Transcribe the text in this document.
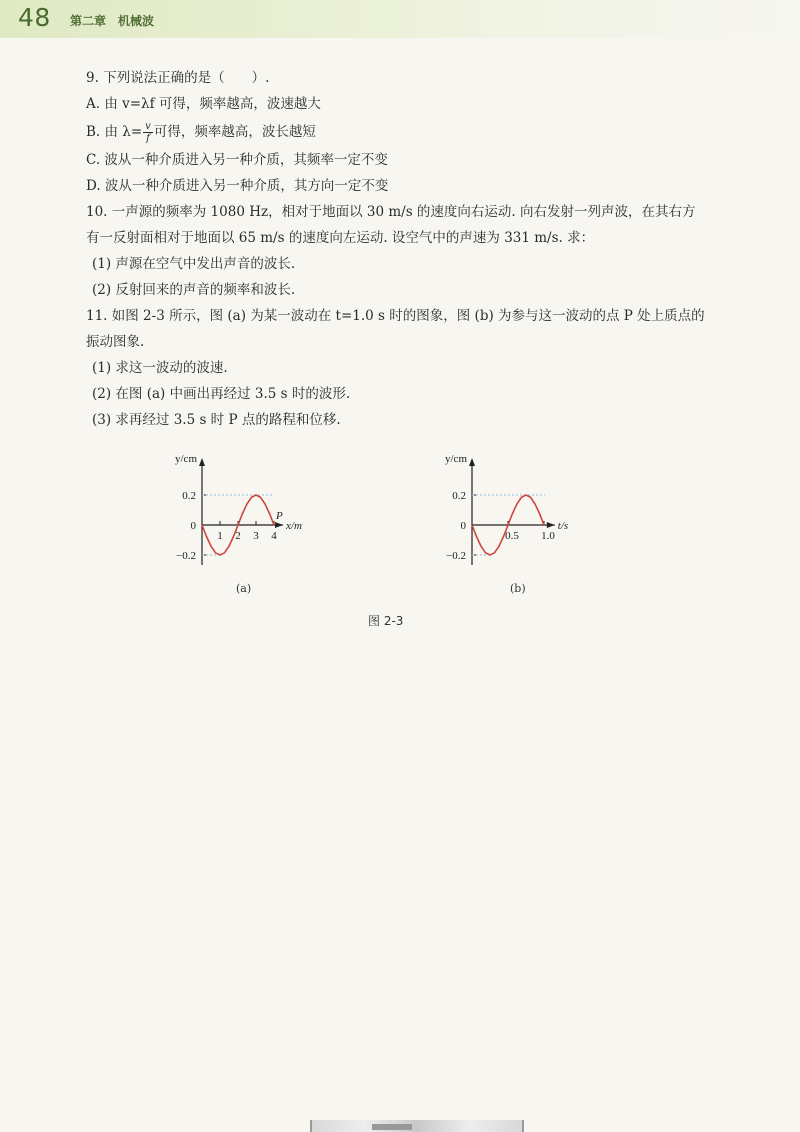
48 第二章　机械波

9. 下列说法正确的是（　　）.

A. 由 v=λf 可得，频率越高，波速越大

B. 由 $\lambda= \frac{v}{f}$ 可得，频率越高，波长越短

C. 波从一种介质进入另一种介质，其频率一定不变

D. 波从一种介质进入另一种介质，其方向一定不变

10. 一声源的频率为 1080 Hz，相对于地面以 30 m/s 的速度向右运动. 向右发射一列声波，在其右方有一反射面相对于地面以 65 m/s 的速度向左运动. 设空气中的声速为 331 m/s. 求：

(1) 声源在空气中发出声音的波长.

(2) 反射回来的声音的频率和波长.

11. 如图 2-3 所示，图 (a) 为某一波动在 t=1.0 s 时的图象，图 (b) 为参与这一波动的点 P 处上质点的振动图象.

(1) 求这一波动的波速.

(2) 在图 (a) 中画出再经过 3.5 s 时的波形.

(3) 求再经过 3.5 s 时 P 点的路程和位移.

y/cm
x/m
0.2
0
−0.2
1 2 3 4
P
(a)
y/cm
t/s
0.2
0
−0.2
0.5 1.0
(b)
图 2-3
